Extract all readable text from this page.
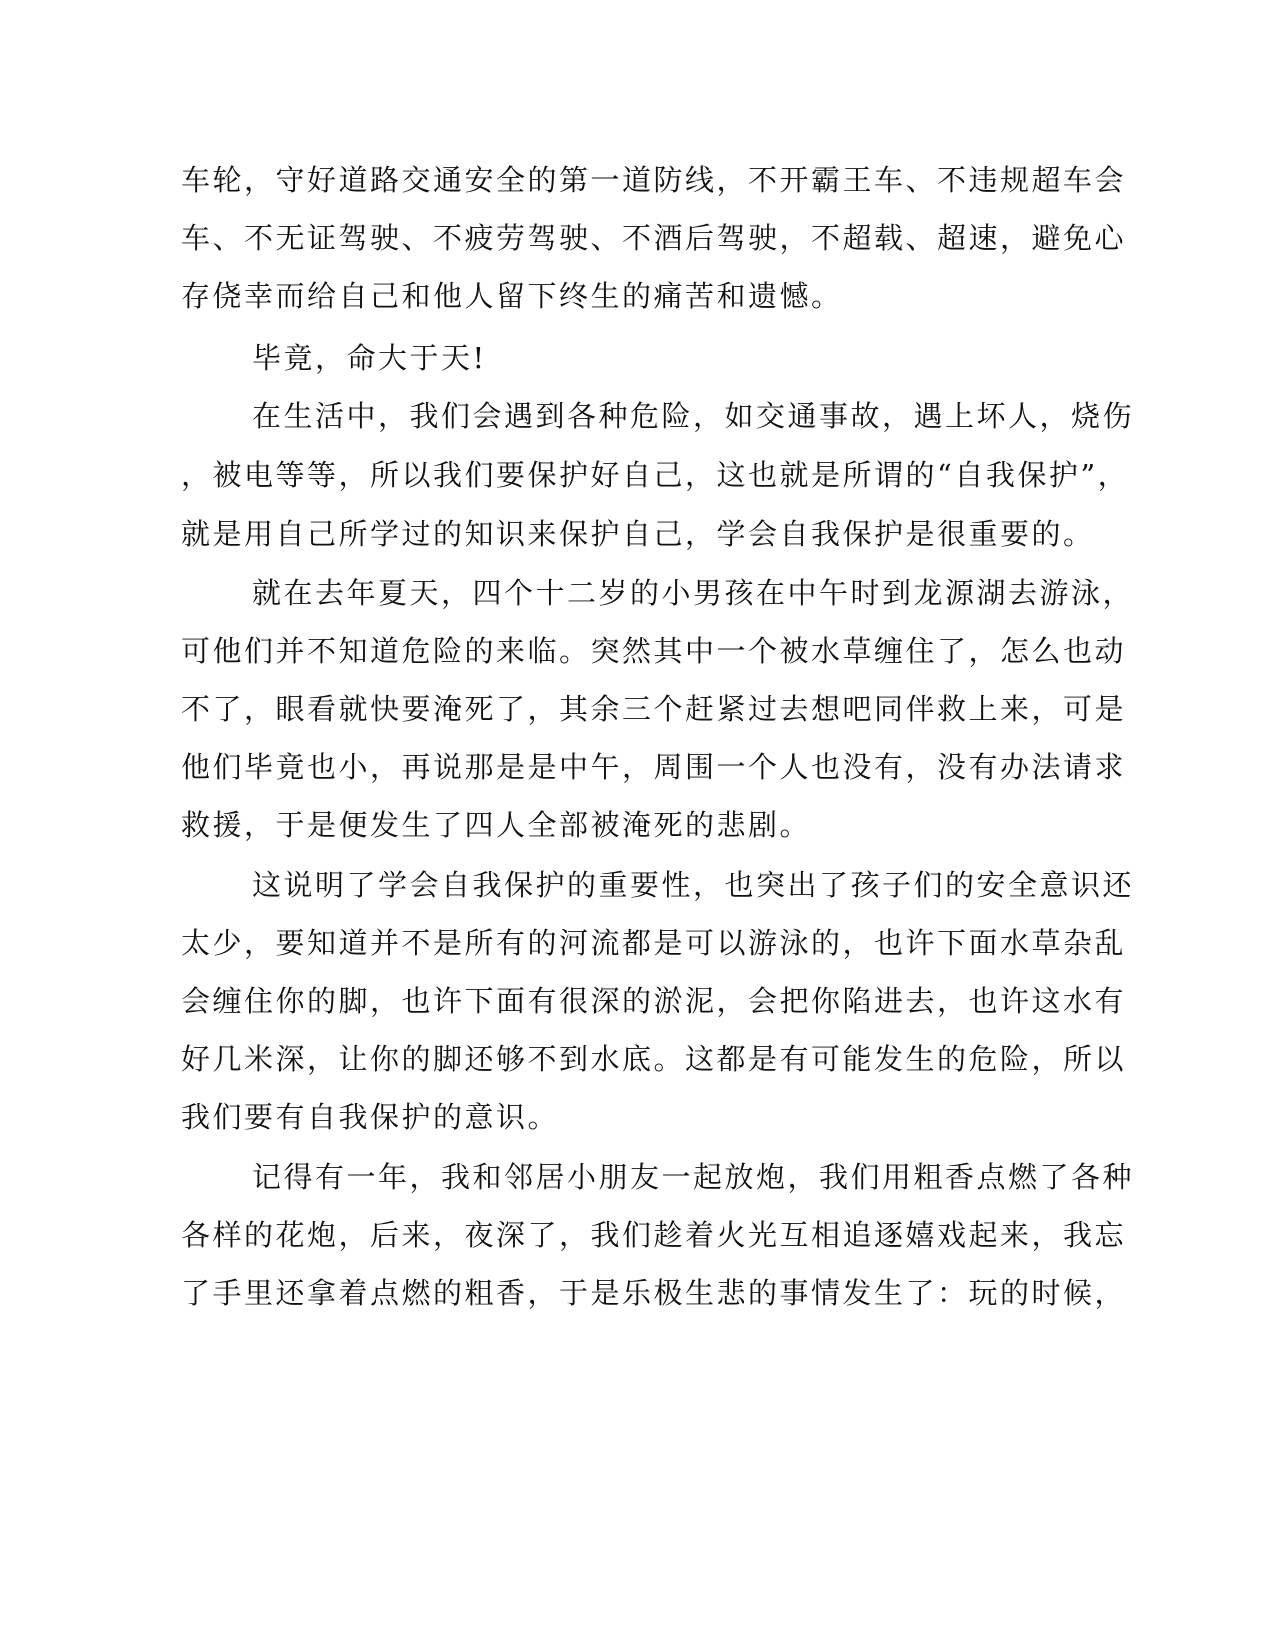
车轮，守好道路交通安全的第一道防线，不开霸王车、不违规超车会
车、不无证驾驶、不疲劳驾驶、不酒后驾驶，不超载、超速，避免心
存侥幸而给自己和他人留下终生的痛苦和遗憾。
毕竟，命大于天!
在生活中，我们会遇到各种危险，如交通事故，遇上坏人，烧伤
，被电等等，所以我们要保护好自己，这也就是所谓的“自我保护”，
就是用自己所学过的知识来保护自己，学会自我保护是很重要的。
就在去年夏天，四个十二岁的小男孩在中午时到龙源湖去游泳，
可他们并不知道危险的来临。突然其中一个被水草缠住了，怎么也动
不了，眼看就快要淹死了，其余三个赶紧过去想吧同伴救上来，可是
他们毕竟也小，再说那是是中午，周围一个人也没有，没有办法请求
救援，于是便发生了四人全部被淹死的悲剧。
这说明了学会自我保护的重要性，也突出了孩子们的安全意识还
太少，要知道并不是所有的河流都是可以游泳的，也许下面水草杂乱
会缠住你的脚，也许下面有很深的淤泥，会把你陷进去，也许这水有
好几米深，让你的脚还够不到水底。这都是有可能发生的危险，所以
我们要有自我保护的意识。
记得有一年，我和邻居小朋友一起放炮，我们用粗香点燃了各种
各样的花炮，后来，夜深了，我们趁着火光互相追逐嬉戏起来，我忘
了手里还拿着点燃的粗香，于是乐极生悲的事情发生了：玩的时候，
